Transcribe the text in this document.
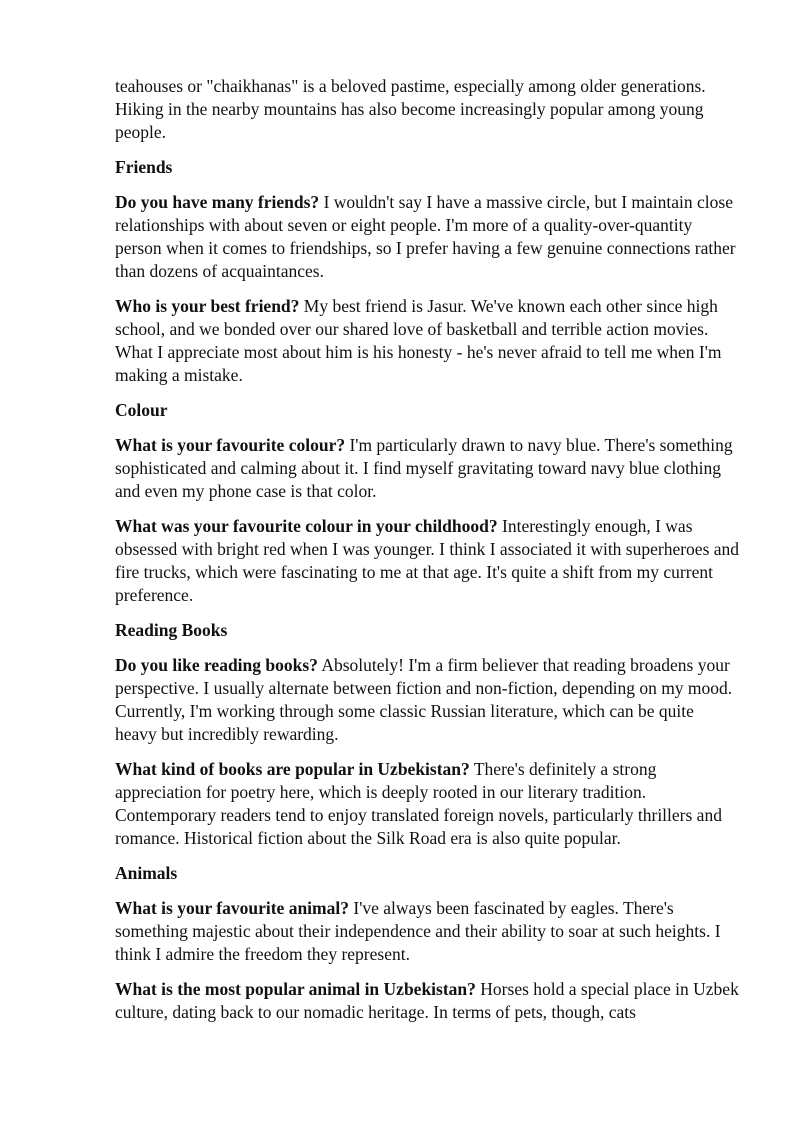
teahouses or "chaikhanas" is a beloved pastime, especially among older generations. Hiking in the nearby mountains has also become increasingly popular among young people.

Friends

Do you have many friends? I wouldn't say I have a massive circle, but I maintain close relationships with about seven or eight people. I'm more of a quality-over-quantity person when it comes to friendships, so I prefer having a few genuine connections rather than dozens of acquaintances.

Who is your best friend? My best friend is Jasur. We've known each other since high school, and we bonded over our shared love of basketball and terrible action movies. What I appreciate most about him is his honesty - he's never afraid to tell me when I'm making a mistake.

Colour

What is your favourite colour? I'm particularly drawn to navy blue. There's something sophisticated and calming about it. I find myself gravitating toward navy blue clothing and even my phone case is that color.

What was your favourite colour in your childhood? Interestingly enough, I was obsessed with bright red when I was younger. I think I associated it with superheroes and fire trucks, which were fascinating to me at that age. It's quite a shift from my current preference.

Reading Books

Do you like reading books? Absolutely! I'm a firm believer that reading broadens your perspective. I usually alternate between fiction and non-fiction, depending on my mood. Currently, I'm working through some classic Russian literature, which can be quite heavy but incredibly rewarding.

What kind of books are popular in Uzbekistan? There's definitely a strong appreciation for poetry here, which is deeply rooted in our literary tradition. Contemporary readers tend to enjoy translated foreign novels, particularly thrillers and romance. Historical fiction about the Silk Road era is also quite popular.

Animals

What is your favourite animal? I've always been fascinated by eagles. There's something majestic about their independence and their ability to soar at such heights. I think I admire the freedom they represent.

What is the most popular animal in Uzbekistan? Horses hold a special place in Uzbek culture, dating back to our nomadic heritage. In terms of pets, though, cats
